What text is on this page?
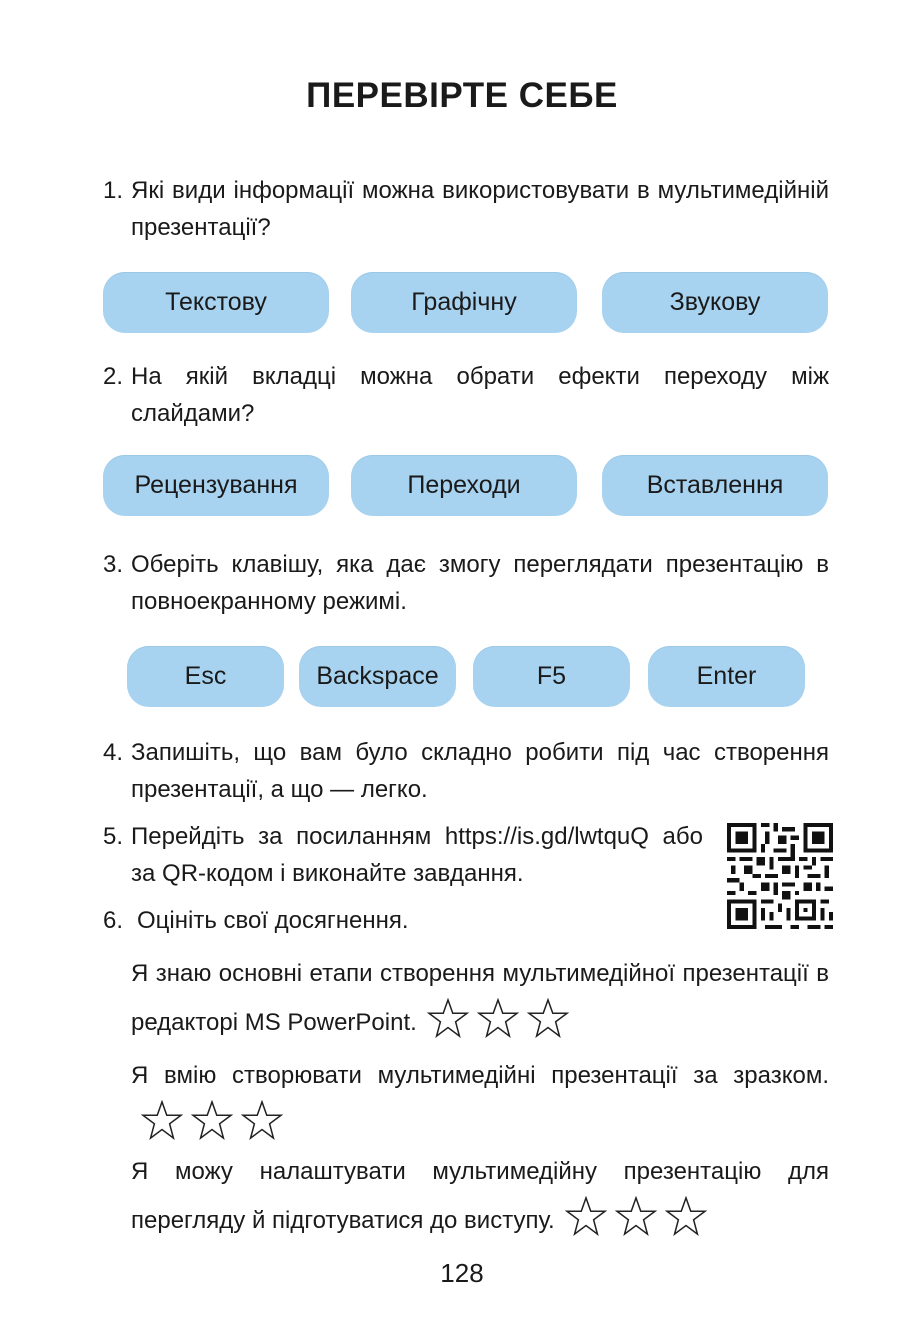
ПЕРЕВІРТЕ СЕБЕ
1. Які види інформації можна використовувати в мультимедійній презентації?
Текстову	Графічну	Звукову
2. На якій вкладці можна обрати ефекти переходу між слайдами?
Рецензування	Переходи	Вставлення
3. Оберіть клавішу, яка дає змогу переглядати презентацію в повноекранному режимі.
Esc	Backspace	F5	Enter
4. Запишіть, що вам було складно робити під час створення презентації, а що — легко.
5. Перейдіть за посиланням https://is.gd/lwtquQ або за QR-кодом і виконайте завдання.
6. Оцініть свої досягнення.
Я знаю основні етапи створення мультимедійної презентації в редакторі MS PowerPoint.
Я вмію створювати мультимедійні презентації за зразком.
Я можу налаштувати мультимедійну презентацію для перегляду й підготуватися до виступу.
128
